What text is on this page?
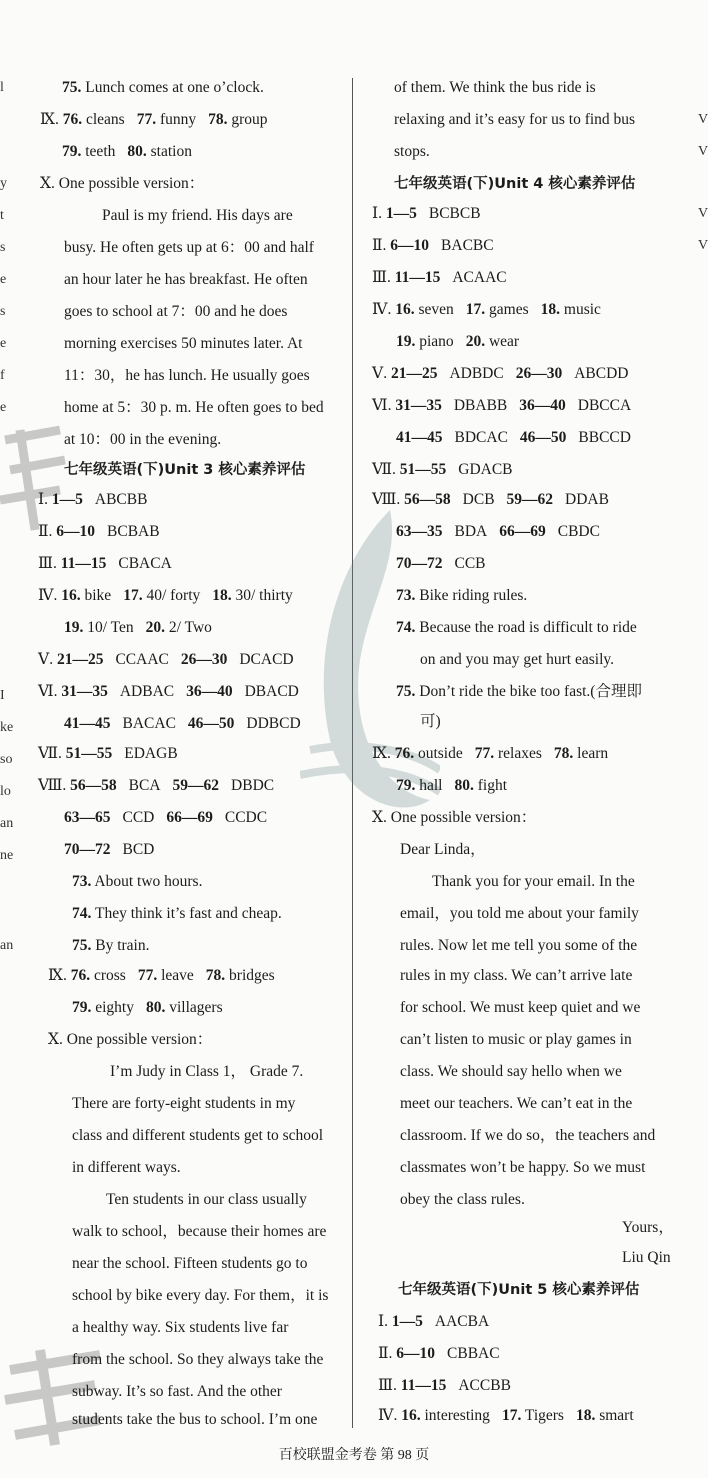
l
y
t
s
e
s
e
f
e
I
ke
so
lo
an
ne
an
V
V
V
V
75. Lunch comes at one o’clock.
Ⅸ. 76. cleans 77. funny 78. group
79. teeth 80. station
Ⅹ. One possible version：
Paul is my friend. His days are
busy. He often gets up at 6：00 and half
an hour later he has breakfast. He often
goes to school at 7：00 and he does
morning exercises 50 minutes later. At
11：30，he has lunch. He usually goes
home at 5：30 p. m. He often goes to bed
at 10：00 in the evening.
七年级英语(下)Unit 3 核心素养评估
Ⅰ. 1—5 ABCBB
Ⅱ. 6—10 BCBAB
Ⅲ. 11—15 CBACA
Ⅳ. 16. bike 17. 40/ forty 18. 30/ thirty
19. 10/ Ten 20. 2/ Two
Ⅴ. 21—25 CCAAC 26—30 DCACD
Ⅵ. 31—35 ADBAC 36—40 DBACD
41—45 BACAC 46—50 DDBCD
Ⅶ. 51—55 EDAGB
Ⅷ. 56—58 BCA 59—62 DBDC
63—65 CCD 66—69 CCDC
70—72 BCD
73. About two hours.
74. They think it’s fast and cheap.
75. By train.
Ⅸ. 76. cross 77. leave 78. bridges
79. eighty 80. villagers
Ⅹ. One possible version：
I’m Judy in Class 1， Grade 7.
There are forty-eight students in my
class and different students get to school
in different ways.
Ten students in our class usually
walk to school，because their homes are
near the school. Fifteen students go to
school by bike every day. For them，it is
a healthy way. Six students live far
from the school. So they always take the
subway. It’s so fast. And the other
students take the bus to school. I’m one
of them. We think the bus ride is
relaxing and it’s easy for us to find bus
stops.
七年级英语(下)Unit 4 核心素养评估
Ⅰ. 1—5 BCBCB
Ⅱ. 6—10 BACBC
Ⅲ. 11—15 ACAAC
Ⅳ. 16. seven 17. games 18. music
19. piano 20. wear
Ⅴ. 21—25 ADBDC 26—30 ABCDD
Ⅵ. 31—35 DBABB 36—40 DBCCA
41—45 BDCAC 46—50 BBCCD
Ⅶ. 51—55 GDACB
Ⅷ. 56—58 DCB 59—62 DDAB
63—35 BDA 66—69 CBDC
70—72 CCB
73. Bike riding rules.
74. Because the road is difficult to ride
on and you may get hurt easily.
75. Don’t ride the bike too fast.(合理即
可)
Ⅸ. 76. outside 77. relaxes 78. learn
79. hall 80. fight
Ⅹ. One possible version：
Dear Linda，
Thank you for your email. In the
email，you told me about your family
rules. Now let me tell you some of the
rules in my class. We can’t arrive late
for school. We must keep quiet and we
can’t listen to music or play games in
class. We should say hello when we
meet our teachers. We can’t eat in the
classroom. If we do so，the teachers and
classmates won’t be happy. So we must
obey the class rules.
Yours，
Liu Qin
七年级英语(下)Unit 5 核心素养评估
Ⅰ. 1—5 AACBA
Ⅱ. 6—10 CBBAC
Ⅲ. 11—15 ACCBB
Ⅳ. 16. interesting 17. Tigers 18. smart
百校联盟金考卷 第 98 页
